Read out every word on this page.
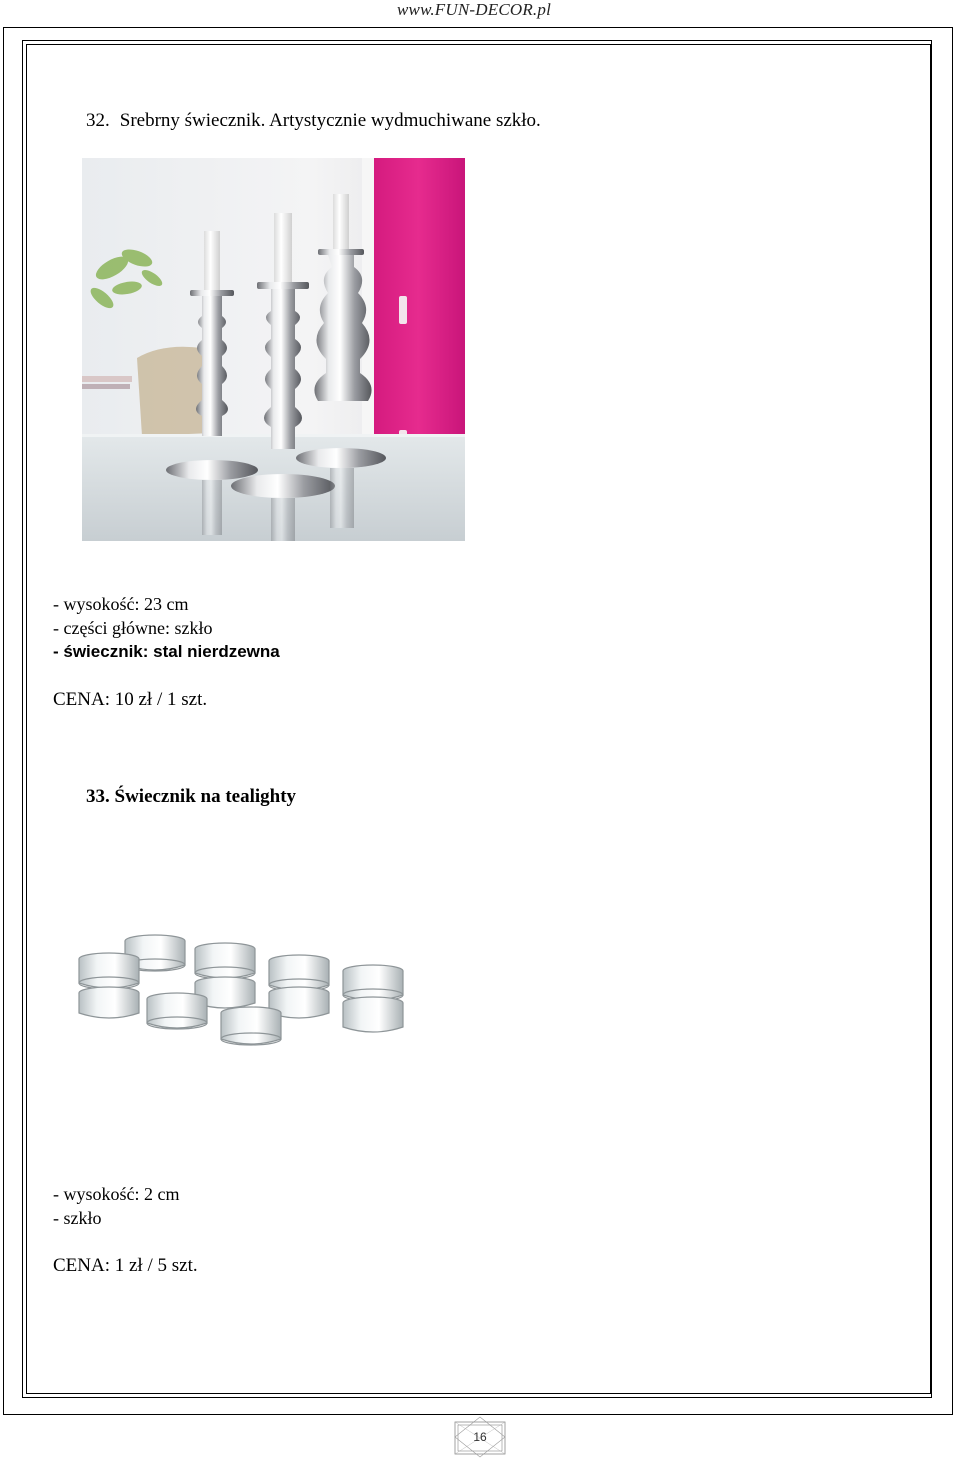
www.FUN-DECOR.pl
32. Srebrny świecznik. Artystycznie wydmuchiwane szkło.
- wysokość: 23 cm
- części główne: szkło
- świecznik: stal nierdzewna
CENA: 10 zł / 1 szt.
33. Świecznik na tealighty
- wysokość: 2 cm
- szkło
CENA: 1 zł / 5 szt.
16
